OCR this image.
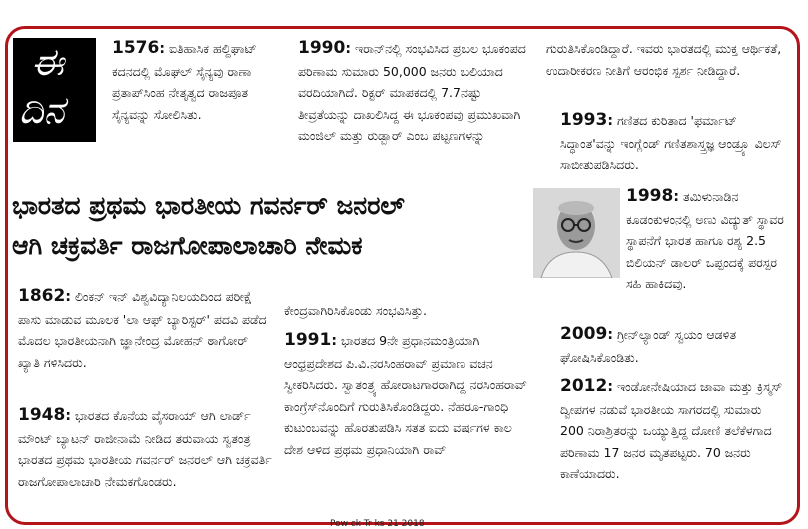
ಈ
ದಿನ
1576: ಐತಿಹಾಸಿಕ ಹಲ್ದಿಘಾಟ್ ಕದನದಲ್ಲಿ ಮೊಘಲ್ ಸೈನ್ಯವು ರಾಣಾ ಪ್ರತಾಪ್‌ಸಿಂಹ ನೇತೃತ್ವದ ರಾಜಪೂತ ಸೈನ್ಯವನ್ನು ಸೋಲಿಸಿತು.
1990: ಇರಾನ್‌ನಲ್ಲಿ ಸಂಭವಿಸಿದ ಪ್ರಬಲ ಭೂಕಂಪದ ಪರಿಣಾಮ ಸುಮಾರು 50,000 ಜನರು ಬಲಿಯಾದ ವರದಿಯಾಗಿದೆ. ರಿಕ್ಟರ್ ಮಾಪಕದಲ್ಲಿ 7.7ನಷ್ಟು ತೀವ್ರತೆಯನ್ನು ದಾಖಲಿಸಿದ್ದ ಈ ಭೂಕಂಪವು ಪ್ರಮುಖವಾಗಿ ಮಂಜಿಲ್ ಮತ್ತು ರುಡ್ಬಾರ್ ಎಂಬ ಪಟ್ಟಣಗಳನ್ನು
ಭಾರತದ ಪ್ರಥಮ ಭಾರತೀಯ ಗವರ್ನರ್ ಜನರಲ್
ಆಗಿ ಚಕ್ರವರ್ತಿ ರಾಜಗೋಪಾಲಾಚಾರಿ ನೇಮಕ
1862: ಲಿಂಕನ್ ಇನ್ ವಿಶ್ವವಿದ್ಯಾನಿಲಯದಿಂದ ಪರೀಕ್ಷೆ ಪಾಸು ಮಾಡುವ ಮೂಲಕ 'ಲಾ ಆಫ್ ಬ್ಯಾರಿಸ್ಟರ್' ಪದವಿ ಪಡೆದ ಮೊದಲ ಭಾರತೀಯನಾಗಿ ಜ್ಞಾನೇಂದ್ರ ಮೋಹನ್ ಠಾಗೋರ್ ಖ್ಯಾತಿ ಗಳಿಸಿದರು.
1948: ಭಾರತದ ಕೊನೆಯ ವೈಸರಾಯ್ ಆಗಿ ಲಾರ್ಡ್ ಮೌಂಟ್ ಬ್ಯಾಟನ್ ರಾಜೀನಾಮೆ ನೀಡಿದ ತರುವಾಯ ಸ್ವತಂತ್ರ ಭಾರತದ ಪ್ರಥಮ ಭಾರತೀಯ ಗವರ್ನರ್ ಜನರಲ್ ಆಗಿ ಚಕ್ರವರ್ತಿ ರಾಜಗೋಪಾಲಾಚಾರಿ ನೇಮಕಗೊಂಡರು.
ಕೇಂದ್ರವಾಗಿರಿಸಿಕೊಂಡು ಸಂಭವಿಸಿತ್ತು.
1991: ಭಾರತದ 9ನೇ ಪ್ರಧಾನಮಂತ್ರಿಯಾಗಿ ಆಂಧ್ರಪ್ರದೇಶದ ಪಿ.ವಿ.ನರಸಿಂಹರಾವ್ ಪ್ರಮಾಣ ವಚನ ಸ್ವೀಕರಿಸಿದರು. ಸ್ವಾತಂತ್ರ್ಯ ಹೋರಾಟಗಾರರಾಗಿದ್ದ ನರಸಿಂಹರಾವ್ ಕಾಂಗ್ರೆಸ್‌ನೊಂದಿಗೆ ಗುರುತಿಸಿಕೊಂಡಿದ್ದರು. ನೆಹರೂ-ಗಾಂಧಿ ಕುಟುಂಬವನ್ನು ಹೊರತುಪಡಿಸಿ ಸತತ ಐದು ವರ್ಷಗಳ ಕಾಲ ದೇಶ ಆಳಿದ ಪ್ರಥಮ ಪ್ರಧಾನಿಯಾಗಿ ರಾವ್
ಗುರುತಿಸಿಕೊಂಡಿದ್ದಾರೆ. ಇವರು ಭಾರತದಲ್ಲಿ ಮುಕ್ತ ಆರ್ಥಿಕತೆ, ಉದಾರೀಕರಣ ನೀತಿಗೆ ಆರಂಭಿಕ ಸ್ಪರ್ಶ ನೀಡಿದ್ದಾರೆ.
1993: ಗಣಿತದ ಕುರಿತಾದ 'ಫರ್ಮಾಟ್ ಸಿದ್ಧಾಂತ'ವನ್ನು ಇಂಗ್ಲೆಂಡ್ ಗಣಿತಶಾಸ್ತ್ರಜ್ಞ ಆಂಡ್ರ್ಯೂ ವಿಲಸ್ ಸಾಬೀತುಪಡಿಸಿದರು.
1998: ತಮಿಳುನಾಡಿನ ಕೂಡಂಕುಳಂನಲ್ಲಿ ಅಣು ವಿದ್ಯುತ್ ಸ್ಥಾವರ ಸ್ಥಾಪನೆಗೆ ಭಾರತ ಹಾಗೂ ರಶ್ಯ 2.5 ಬಿಲಿಯನ್ ಡಾಲರ್ ಒಪ್ಪಂದಕ್ಕೆ ಪರಸ್ಪರ ಸಹಿ ಹಾಕಿದವು.
2009: ಗ್ರೀನ್‌ಲ್ಯಾಂಡ್ ಸ್ವಯಂ ಆಡಳಿತ ಘೋಷಿಸಿಕೊಂಡಿತು.
2012: ಇಂಡೋನೇಷಿಯಾದ ಜಾವಾ ಮತ್ತು ಕ್ರಿಸ್ಮಸ್ ದ್ವೀಪಗಳ ನಡುವೆ ಭಾರತೀಯ ಸಾಗರದಲ್ಲಿ ಸುಮಾರು 200 ನಿರಾಶ್ರಿತರನ್ನು ಒಯ್ಯುತ್ತಿದ್ದ ದೋಣಿ ತಲೆಕೆಳಗಾದ ಪರಿಣಾಮ 17 ಜನರ ಮೃತಪಟ್ಟರು. 70 ಜನರು ಕಾಣೆಯಾದರು.
Pow ck Tr ks 21 2018
